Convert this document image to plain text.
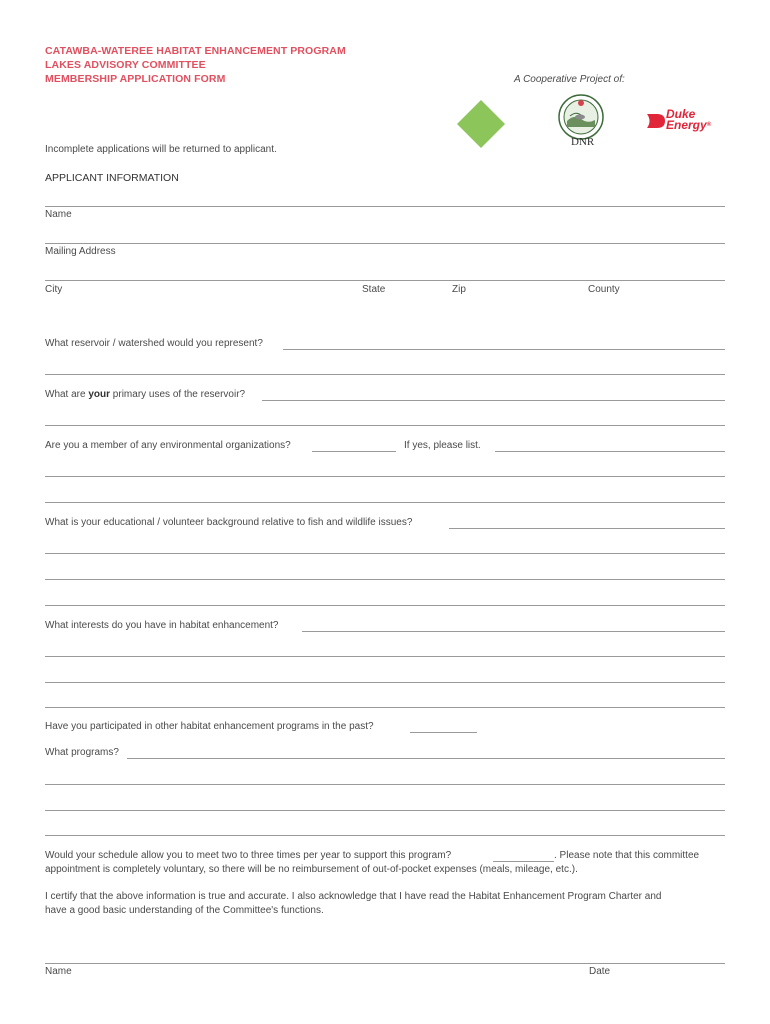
CATAWBA-WATEREE HABITAT ENHANCEMENT PROGRAM
LAKES ADVISORY COMMITTEE
MEMBERSHIP APPLICATION FORM	A Cooperative Project of:
DNR
Duke
Energy®
Incomplete applications will be returned to applicant.
APPLICANT INFORMATION
Name
Mailing Address
City	State	Zip	County
What reservoir / watershed would you represent?
What are your primary uses of the reservoir?
Are you a member of any environmental organizations?	If yes, please list.
What is your educational / volunteer background relative to fish and wildlife issues?
What interests do you have in habitat enhancement?
Have you participated in other habitat enhancement programs in the past?
What programs?
Would your schedule allow you to meet two to three times per year to support this program?	. Please note that this committee
appointment is completely voluntary, so there will be no reimbursement of out-of-pocket expenses (meals, mileage, etc.).
I certify that the above information is true and accurate. I also acknowledge that I have read the Habitat Enhancement Program Charter and
have a good basic understanding of the Committee's functions.
Name	Date
